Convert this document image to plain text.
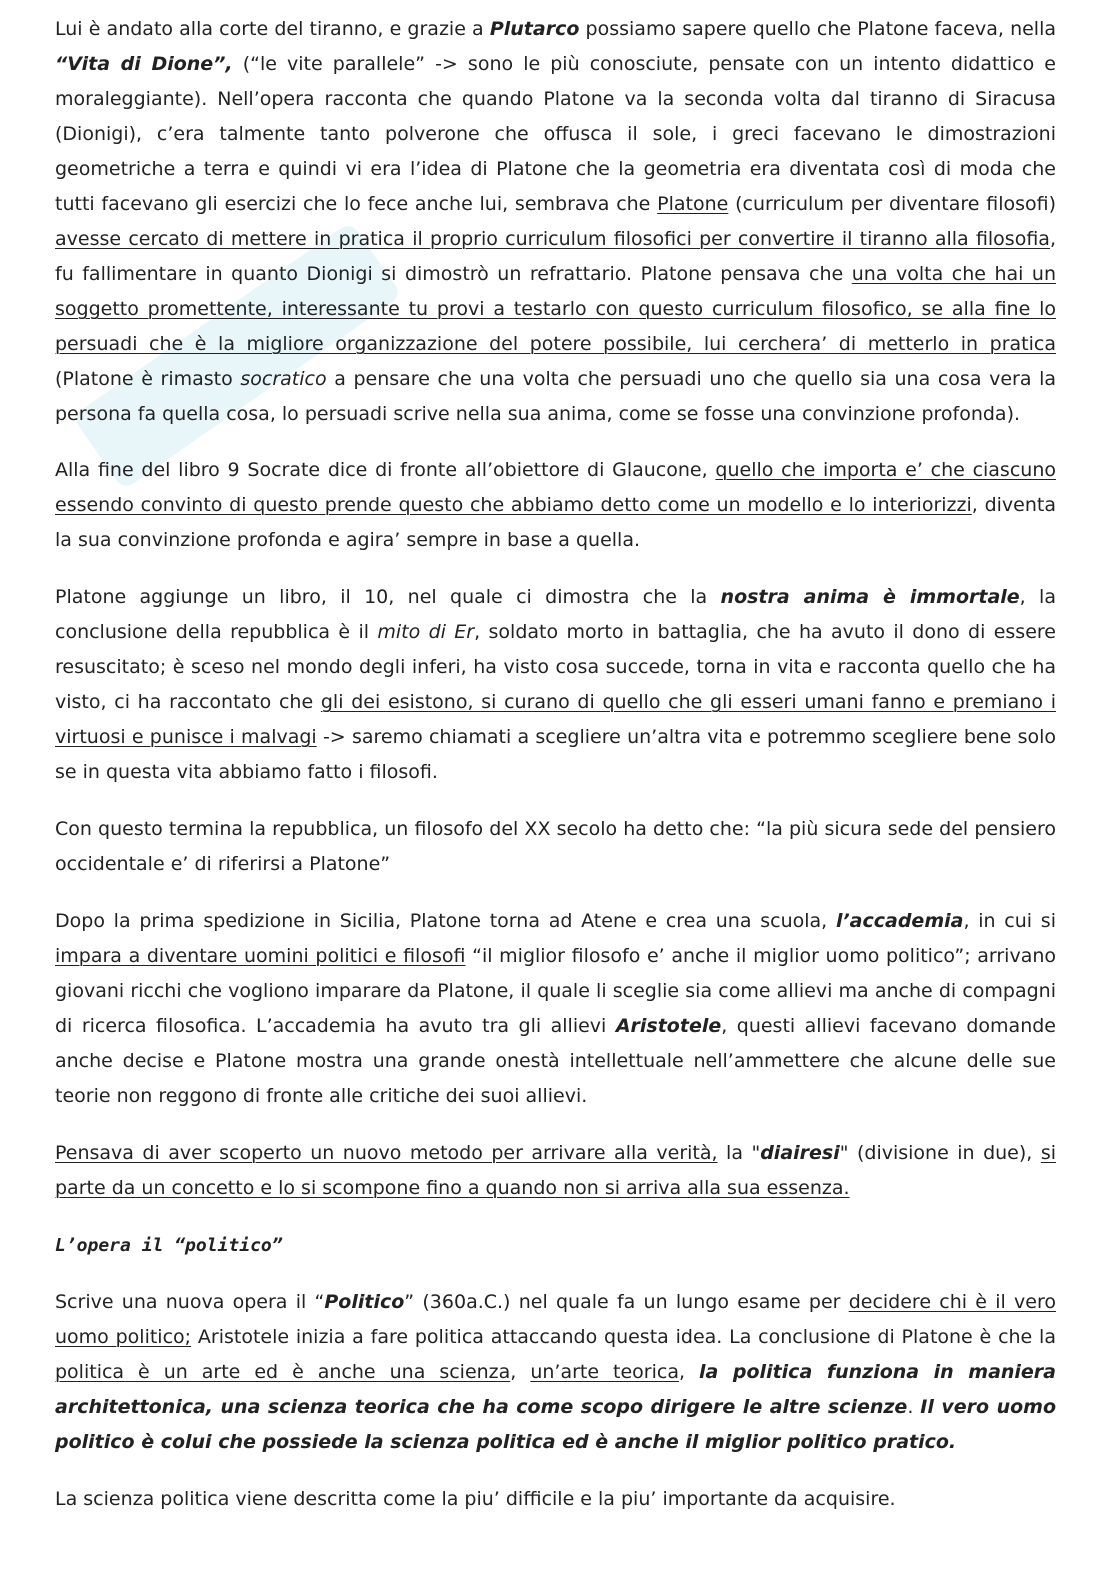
Lui è andato alla corte del tiranno, e grazie a Plutarco possiamo sapere quello che Platone faceva, nella “Vita di Dione”, (“le vite parallele” -> sono le più conosciute, pensate con un intento didattico e moraleggiante). Nell’opera racconta che quando Platone va la seconda volta dal tiranno di Siracusa (Dionigi), c’era talmente tanto polverone che offusca il sole, i greci facevano le dimostrazioni geometriche a terra e quindi vi era l’idea di Platone che la geometria era diventata così di moda che tutti facevano gli esercizi che lo fece anche lui, sembrava che Platone (curriculum per diventare filosofi) avesse cercato di mettere in pratica il proprio curriculum filosofici per convertire il tiranno alla filosofia, fu fallimentare in quanto Dionigi si dimostrò un refrattario. Platone pensava che una volta che hai un soggetto promettente, interessante tu provi a testarlo con questo curriculum filosofico, se alla fine lo persuadi che è la migliore organizzazione del potere possibile, lui cerchera’ di metterlo in pratica (Platone è rimasto socratico a pensare che una volta che persuadi uno che quello sia una cosa vera la persona fa quella cosa, lo persuadi scrive nella sua anima, come se fosse una convinzione profonda).

Alla fine del libro 9 Socrate dice di fronte all’obiettore di Glaucone, quello che importa e’ che ciascuno essendo convinto di questo prende questo che abbiamo detto come un modello e lo interiorizzi, diventa la sua convinzione profonda e agira’ sempre in base a quella.

Platone aggiunge un libro, il 10, nel quale ci dimostra che la nostra anima è immortale, la conclusione della repubblica è il mito di Er, soldato morto in battaglia, che ha avuto il dono di essere resuscitato; è sceso nel mondo degli inferi, ha visto cosa succede, torna in vita e racconta quello che ha visto, ci ha raccontato che gli dei esistono, si curano di quello che gli esseri umani fanno e premiano i virtuosi e punisce i malvagi -> saremo chiamati a scegliere un’altra vita e potremmo scegliere bene solo se in questa vita abbiamo fatto i filosofi.

Con questo termina la repubblica, un filosofo del XX secolo ha detto che: “la più sicura sede del pensiero occidentale e’ di riferirsi a Platone”

Dopo la prima spedizione in Sicilia, Platone torna ad Atene e crea una scuola, l’accademia, in cui si impara a diventare uomini politici e filosofi “il miglior filosofo e’ anche il miglior uomo politico”; arrivano giovani ricchi che vogliono imparare da Platone, il quale li sceglie sia come allievi ma anche di compagni di ricerca filosofica. L’accademia ha avuto tra gli allievi Aristotele, questi allievi facevano domande anche decise e Platone mostra una grande onestà intellettuale nell’ammettere che alcune delle sue teorie non reggono di fronte alle critiche dei suoi allievi.

Pensava di aver scoperto un nuovo metodo per arrivare alla verità, la "diairesi" (divisione in due), si parte da un concetto e lo si scompone fino a quando non si arriva alla sua essenza.

L’opera il “politico”

Scrive una nuova opera il “Politico” (360a.C.) nel quale fa un lungo esame per decidere chi è il vero uomo politico; Aristotele inizia a fare politica attaccando questa idea. La conclusione di Platone è che la politica è un arte ed è anche una scienza, un’arte teorica, la politica funziona in maniera architettonica, una scienza teorica che ha come scopo dirigere le altre scienze. Il vero uomo politico è colui che possiede la scienza politica ed è anche il miglior politico pratico.

La scienza politica viene descritta come la piu’ difficile e la piu’ importante da acquisire.
